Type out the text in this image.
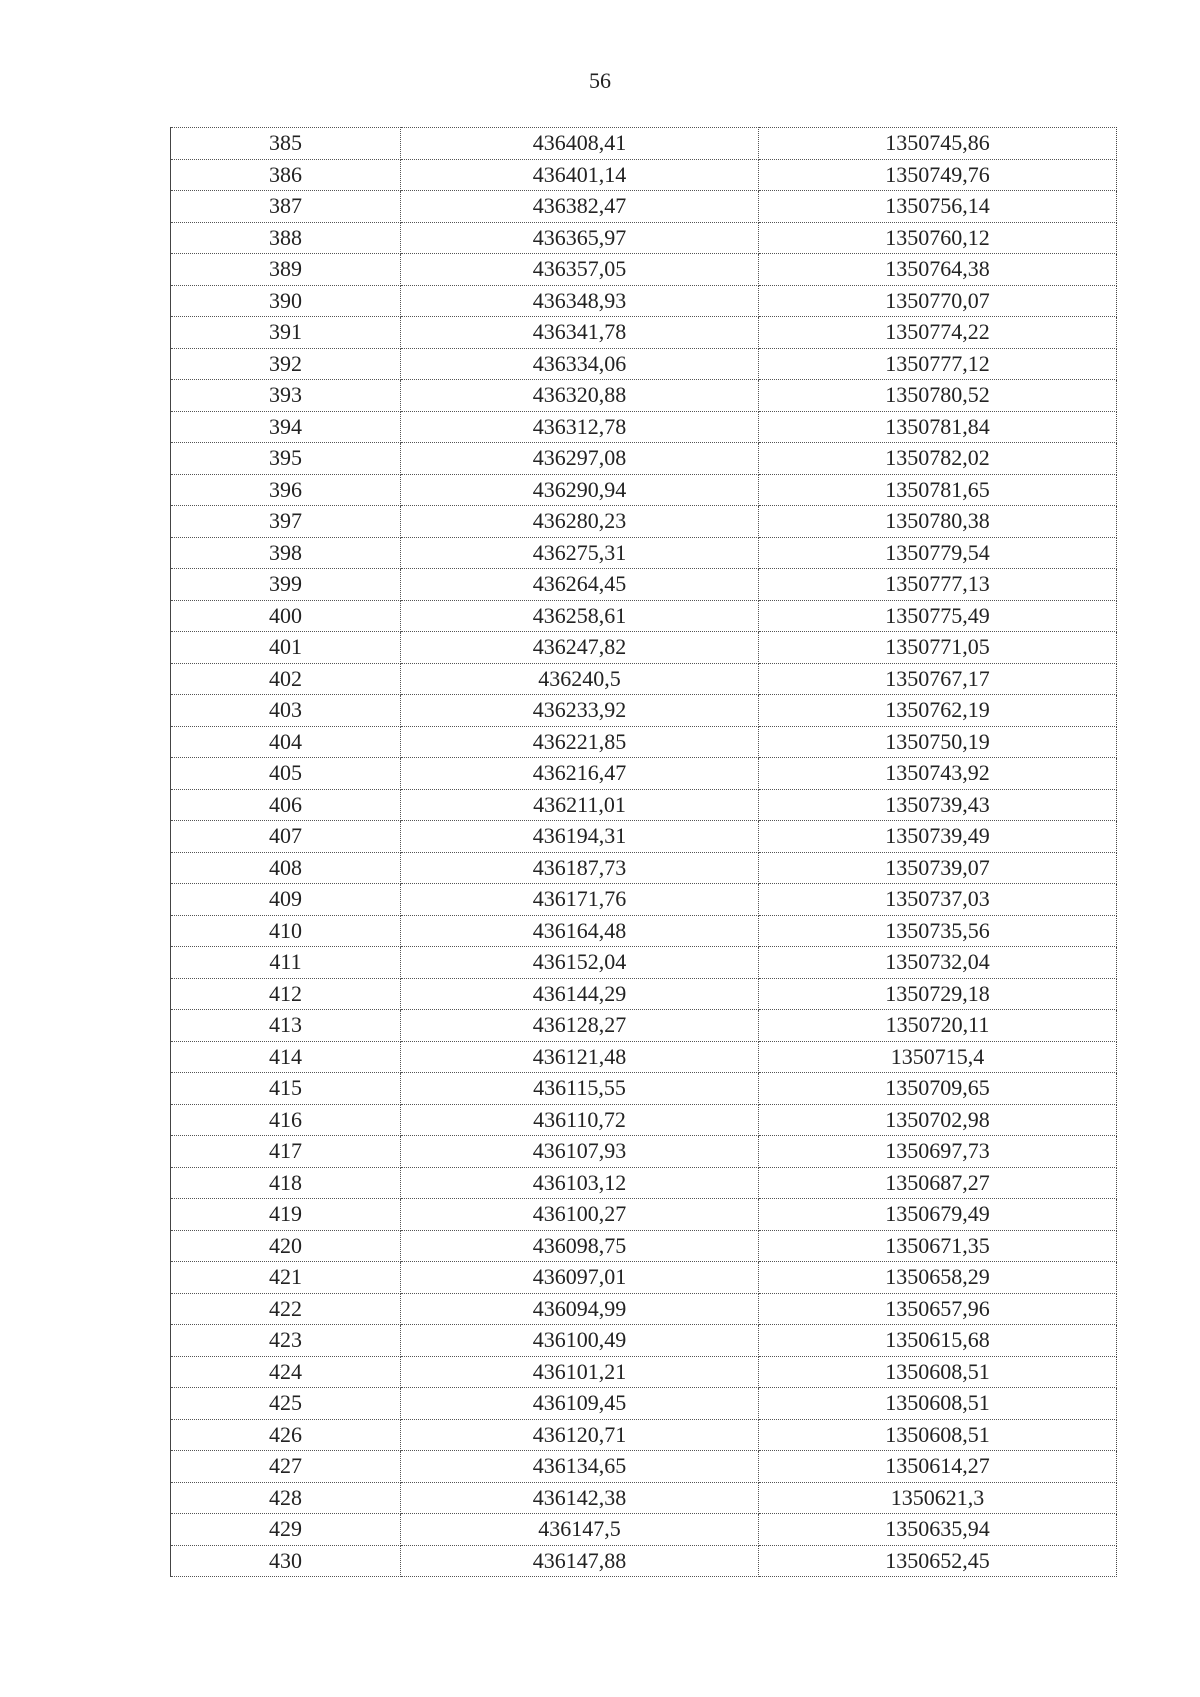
56
385	436408,41	1350745,86
386	436401,14	1350749,76
387	436382,47	1350756,14
388	436365,97	1350760,12
389	436357,05	1350764,38
390	436348,93	1350770,07
391	436341,78	1350774,22
392	436334,06	1350777,12
393	436320,88	1350780,52
394	436312,78	1350781,84
395	436297,08	1350782,02
396	436290,94	1350781,65
397	436280,23	1350780,38
398	436275,31	1350779,54
399	436264,45	1350777,13
400	436258,61	1350775,49
401	436247,82	1350771,05
402	436240,5	1350767,17
403	436233,92	1350762,19
404	436221,85	1350750,19
405	436216,47	1350743,92
406	436211,01	1350739,43
407	436194,31	1350739,49
408	436187,73	1350739,07
409	436171,76	1350737,03
410	436164,48	1350735,56
411	436152,04	1350732,04
412	436144,29	1350729,18
413	436128,27	1350720,11
414	436121,48	1350715,4
415	436115,55	1350709,65
416	436110,72	1350702,98
417	436107,93	1350697,73
418	436103,12	1350687,27
419	436100,27	1350679,49
420	436098,75	1350671,35
421	436097,01	1350658,29
422	436094,99	1350657,96
423	436100,49	1350615,68
424	436101,21	1350608,51
425	436109,45	1350608,51
426	436120,71	1350608,51
427	436134,65	1350614,27
428	436142,38	1350621,3
429	436147,5	1350635,94
430	436147,88	1350652,45
